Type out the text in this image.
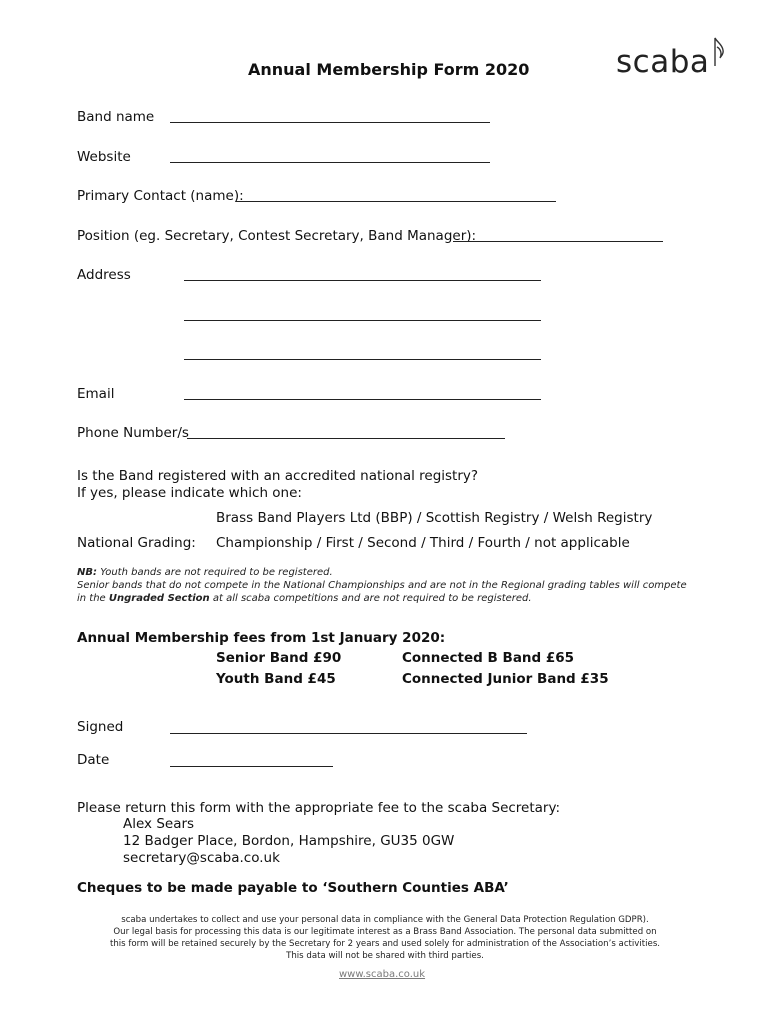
Annual Membership Form 2020	scaba
Band name
Website
Primary Contact (name):
Position (eg. Secretary, Contest Secretary, Band Manager):
Address
Email
Phone Number/s
Is the Band registered with an accredited national registry?
If yes, please indicate which one:
Brass Band Players Ltd (BBP) / Scottish Registry / Welsh Registry
National Grading: Championship / First / Second / Third / Fourth / not applicable
NB: Youth bands are not required to be registered.
Senior bands that do not compete in the National Championships and are not in the Regional grading tables will compete
in the Ungraded Section at all scaba competitions and are not required to be registered.
Annual Membership fees from 1st January 2020:
Senior Band £90	Connected B Band £65
Youth Band £45	Connected Junior Band £35
Signed
Date
Please return this form with the appropriate fee to the scaba Secretary:
Alex Sears
12 Badger Place, Bordon, Hampshire, GU35 0GW
secretary@scaba.co.uk
Cheques to be made payable to ‘Southern Counties ABA’
scaba undertakes to collect and use your personal data in compliance with the General Data Protection Regulation GDPR).
Our legal basis for processing this data is our legitimate interest as a Brass Band Association. The personal data submitted on
this form will be retained securely by the Secretary for 2 years and used solely for administration of the Association’s activities.
This data will not be shared with third parties.
www.scaba.co.uk
